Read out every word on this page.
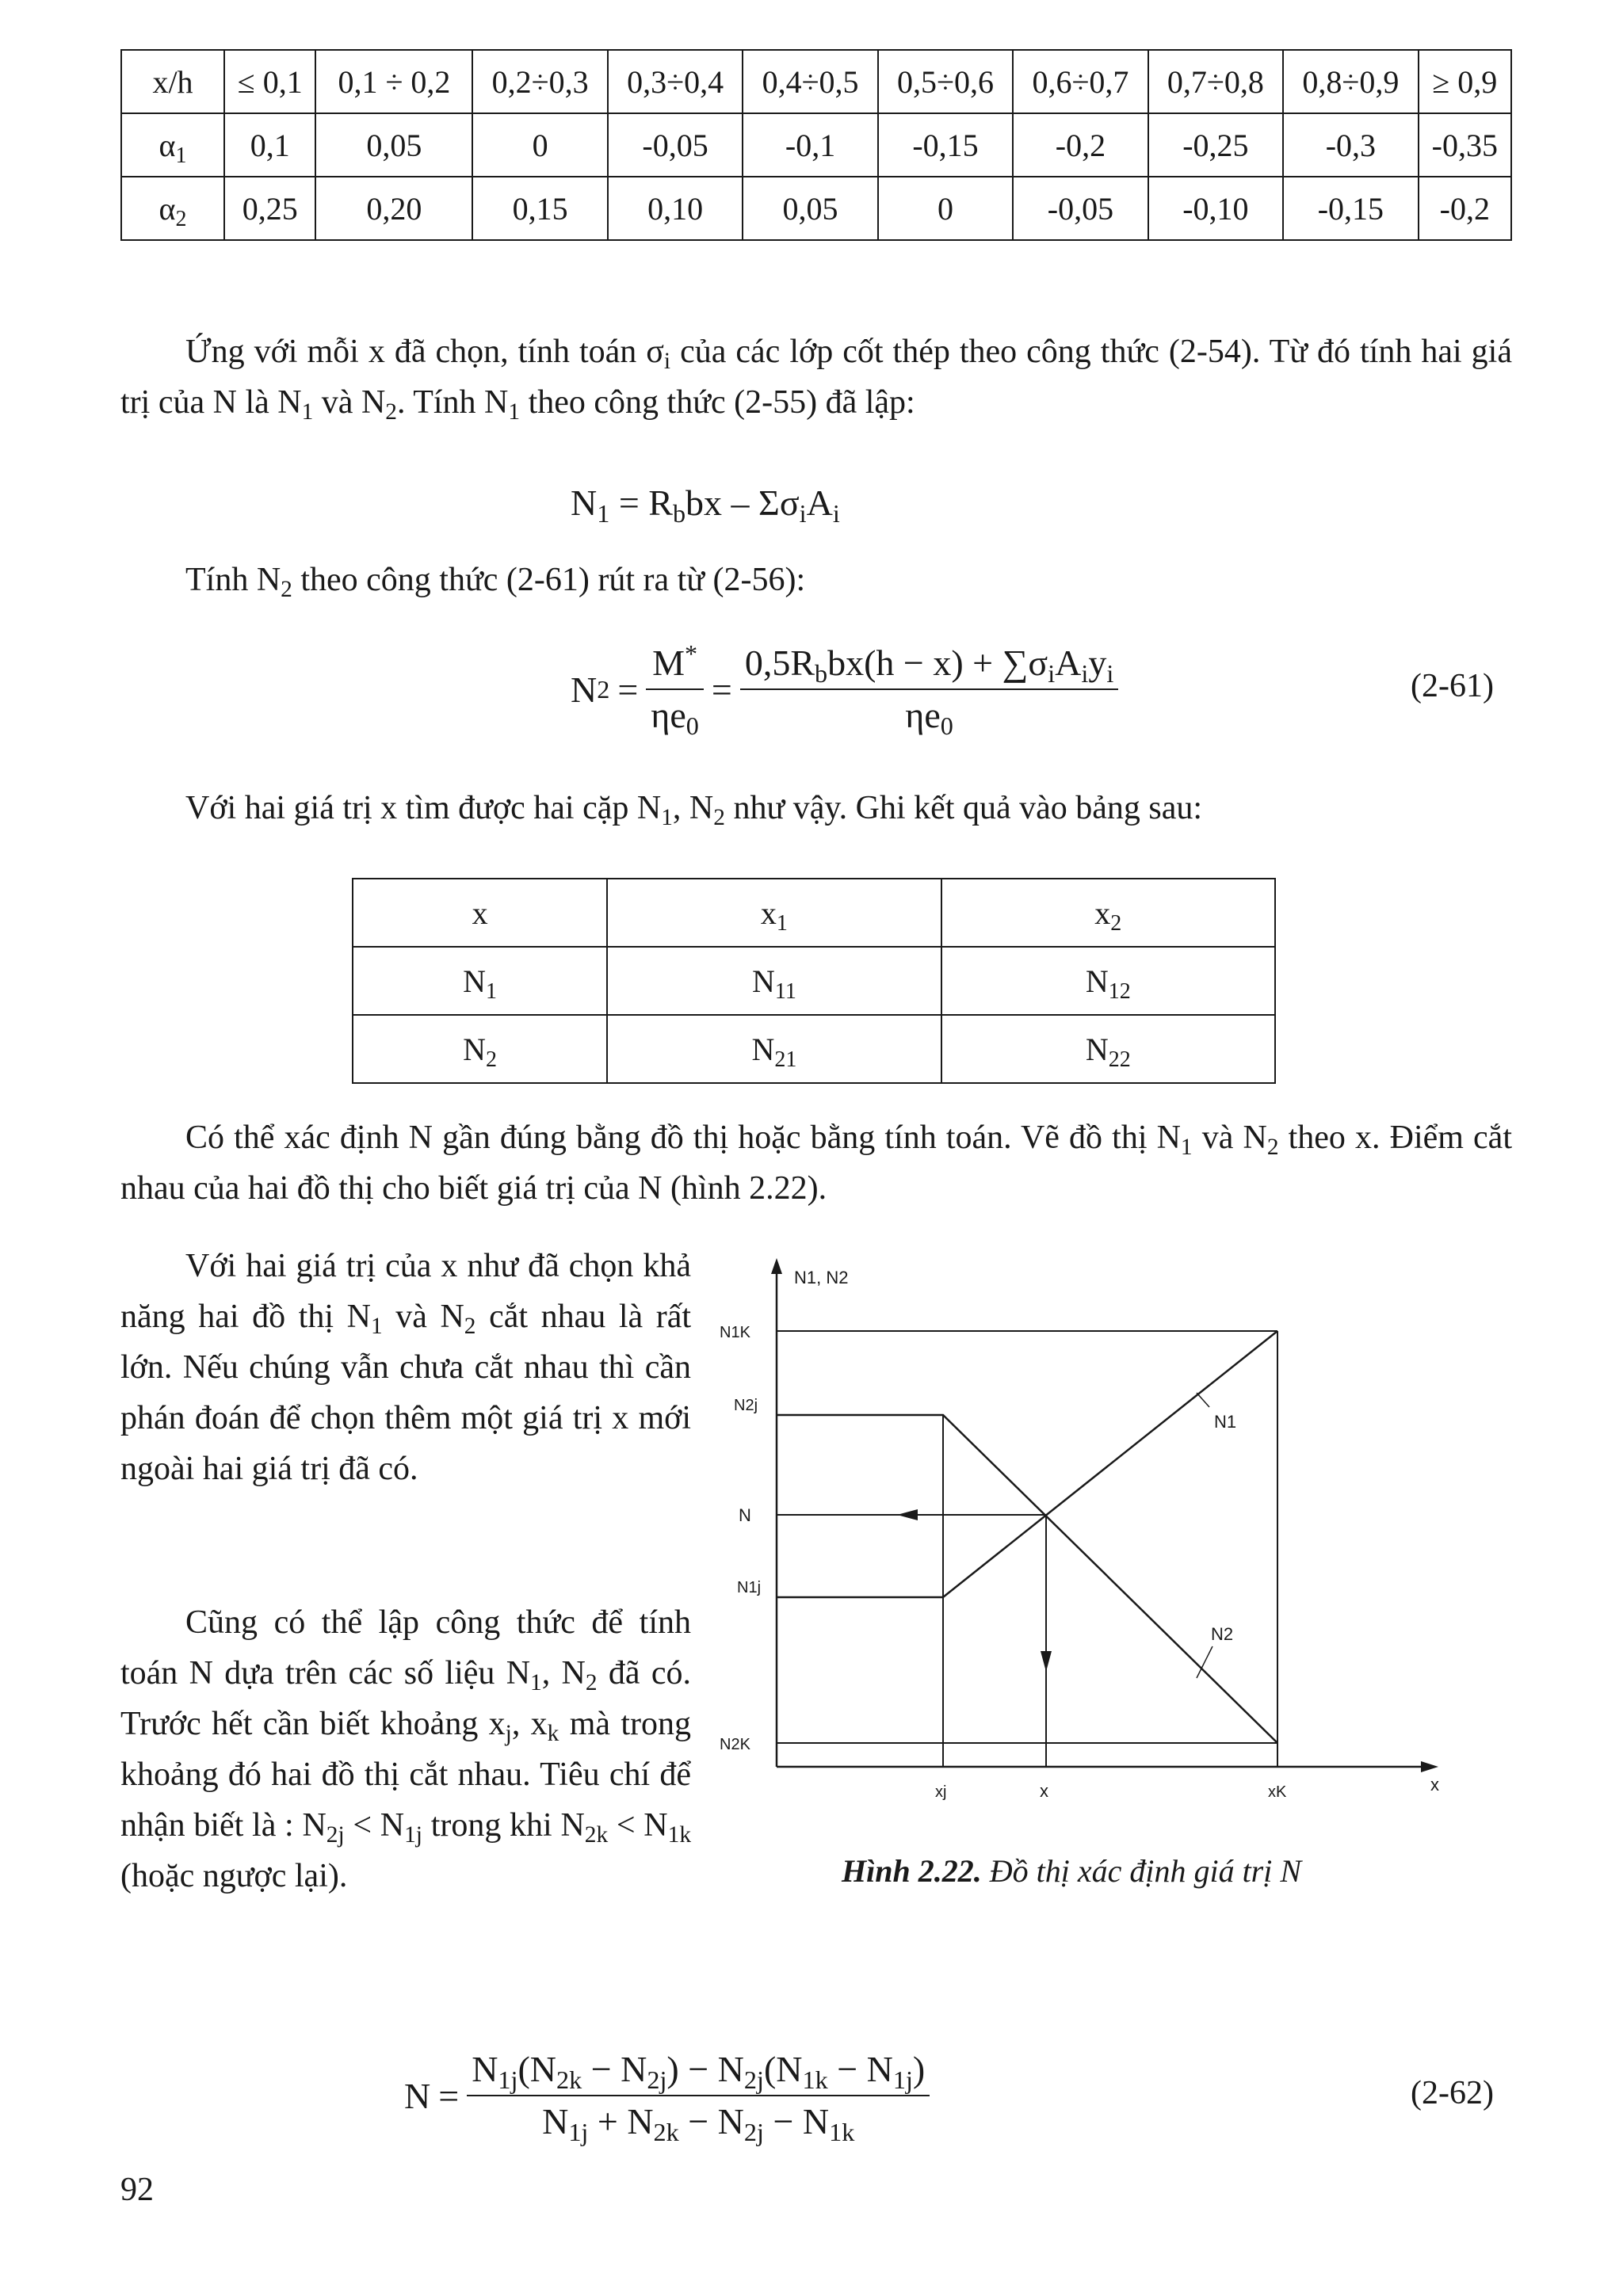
x/h	≤ 0,1	0,1 ÷ 0,2	0,2÷0,3	0,3÷0,4	0,4÷0,5	0,5÷0,6	0,6÷0,7	0,7÷0,8	0,8÷0,9	≥ 0,9
$\alpha_1$	0,1	0,05	0	-0,05	-0,1	-0,15	-0,2	-0,25	-0,3	-0,35
$\alpha_2$	0,25	0,20	0,15	0,10	0,05	0	-0,05	-0,10	-0,15	-0,2

Ứng với mỗi x đã chọn, tính toán $\sigma_i$ của các lớp cốt thép theo công thức (2-54). Từ đó tính hai giá trị của N là $N_1$ và $N_2$. Tính $N_1$ theo công thức (2-55) đã lập:

$N_1 = R_bbx - \Sigma\sigma_iA_i$

Tính $N_2$ theo công thức (2-61) rút ra từ (2-56):

N $2 = \frac{M^*}{\eta e_0} = \frac{0,5R_bbx(h - x) + \sum\sigma_iA_iy_i}{\eta e_0}$	(2-61)

Với hai giá trị x tìm được hai cặp $N_1$, $N_2$ như vậy. Ghi kết quả vào bảng sau:

x	$x_1$	$x_2$
$N_1$	$N_{11}$	$N_{12}$
$N_2$	$N_{21}$	$N_{22}$

Có thể xác định N gần đúng bằng đồ thị hoặc bằng tính toán. Vẽ đồ thị $N_1$ và $N_2$ theo x. Điểm cắt nhau của hai đồ thị cho biết giá trị của N (hình 2.22).

Với hai giá trị của x như đã chọn khả năng hai đồ thị $N_1$ và $N_2$ cắt nhau là rất lớn. Nếu chúng vẫn chưa cắt nhau thì cần phán đoán để chọn thêm một giá trị x mới ngoài hai giá trị đã có.

Cũng có thể lập công thức để tính toán N dựa trên các số liệu $N_1$, $N_2$ đã có. Trước hết cần biết khoảng $x_j$, $x_k$ mà trong khoảng đó hai đồ thị cắt nhau. Tiêu chí để nhận biết là : $N_{2j} < N_{1j}$ trong khi $N_{2k} < N_{1k}$ (hoặc ngược lại).

N1, N2
x
N1
N2
N1K
N2j
N
N1j
N2K
xj	x	xK
Hình 2.22. Đồ thị xác định giá trị N
$N = \frac{N_{1j}(N_{2k} - N_{2j}) - N_{2j}(N_{1k} - N_{1j})}{N_{1j} + N_{2k} - N_{2j} - N_{1k}}$	(2-62)
92
